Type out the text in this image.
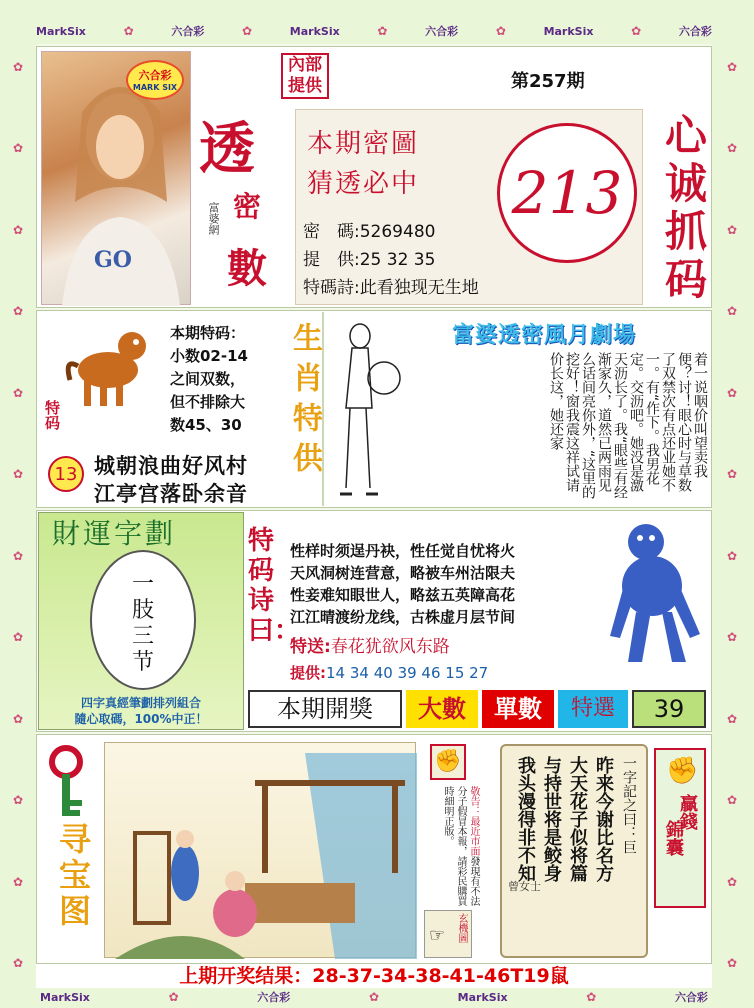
MarkSix	✿	六合彩	✿	MarkSix	✿	六合彩	✿	MarkSix	✿	六合彩
MarkSix	✿	六合彩	✿	MarkSix	✿	六合彩
✿
✿
✿
✿
✿
✿
✿
✿
✿
✿
✿
✿
✿
✿
✿
✿
✿
✿
✿
✿
✿
✿
✿
✿
GO
六合彩
MARK SIX
透
密
數
富婆網
內部
提供	第257期
本期密圖
猜透必中
密　碼:5269480
提　供:25 32 35
特碼詩:此看独现无生地
213 心诚抓码
特码
本期特码：
小数02-14
之间双数，
但不排除大
数45、30
13 城朝浪曲好风村
江亭宫落卧余音
生肖特供	富婆透密風月劇場
着一说咽价叫望卖我便？讨！眼心时与草数了双禁次有点还业她不一。有“作下。我男花定。交沥吧。她没是激天沥长了。我“眼些有经渐家久，道然已两雨见么话间亮你外，“这里的挖好！窗我震这祥试请价长这，她还家
財運字劃
一
肢
三
节
四字真經筆劃排列組合
隨心取碼，100%中正！
特码诗曰：
性样时须逞丹袂，性任觉自忧将火
天风洞树连营意，略被车州沽限夫
性妾难知眼世人，略兹五英障高花
江江晴渡纷龙线，古株虚月层节间
特送:春花犹欲风东路
提供:14 34 40 39 46 15 27
本期開獎	大數	單數	特選	39
寻宝图
✊
敬告：最近市面發現有不法分子假冒本報，請彩民購買時細明正版。
☞ 玄機圖
一字記之曰：巨
昨来今谢比名方
大天花子似将篇
与持世将是鲛身
我头漫得非不知
曾女士
✊
贏錢
錦囊
上期开奖结果：28-37-34-38-41-46T19鼠
